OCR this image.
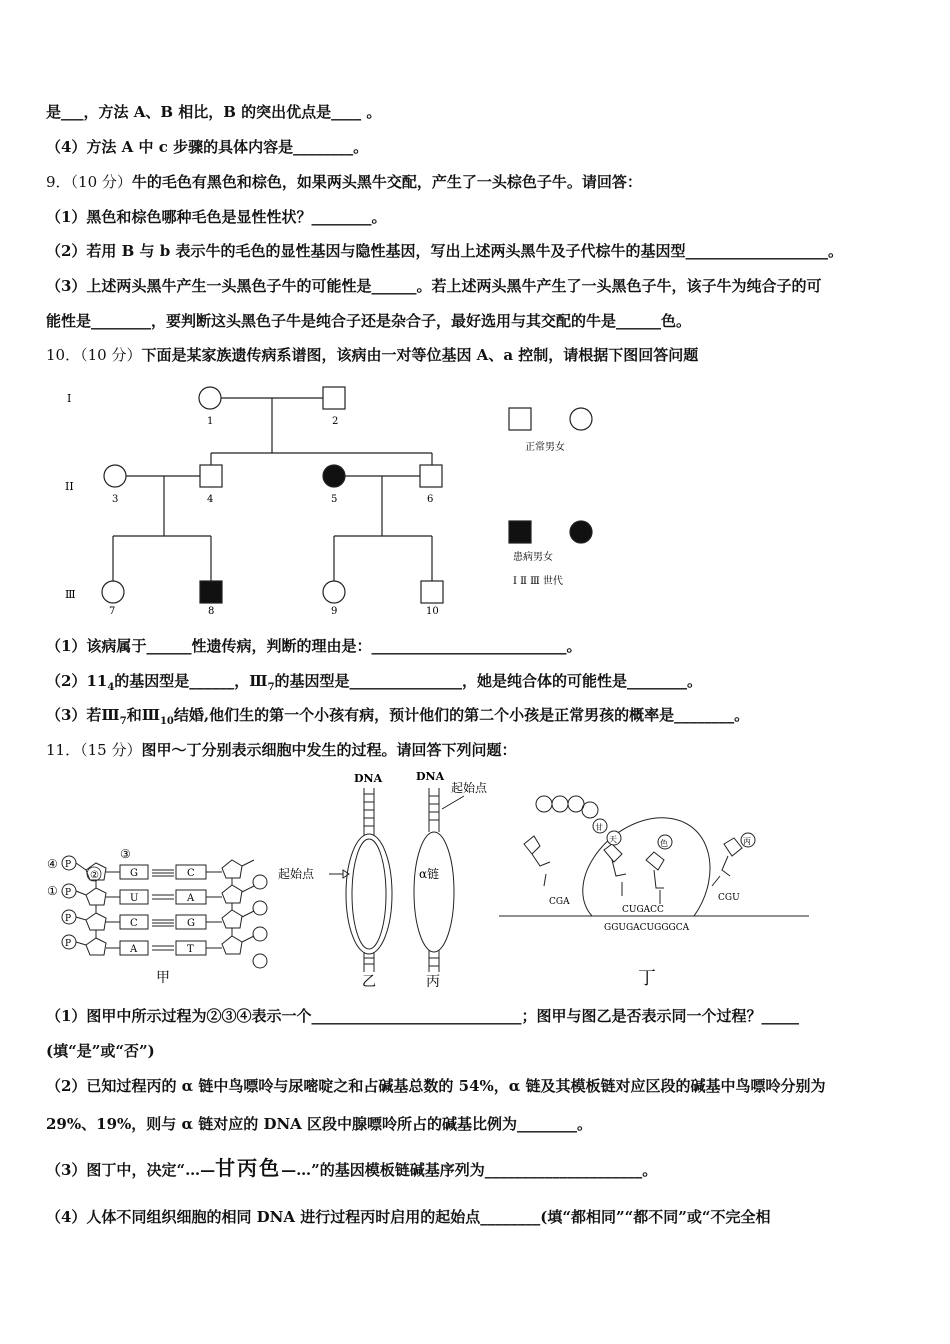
是___，方法 A、B 相比，B 的突出优点是____ 。
（4）方法 A 中 c 步骤的具体内容是________。
9．（10 分）牛的毛色有黑色和棕色，如果两头黑牛交配，产生了一头棕色子牛。请回答：
（1）黑色和棕色哪种毛色是显性性状？________。
（2）若用 B 与 b 表示牛的毛色的显性基因与隐性基因，写出上述两头黑牛及子代棕牛的基因型___________________。
（3）上述两头黑牛产生一头黑色子牛的可能性是______。若上述两头黑牛产生了一头黑色子牛，该子牛为纯合子的可
能性是________，要判断这头黑色子牛是纯合子还是杂合子，最好选用与其交配的牛是______色。
10．（10 分）下面是某家族遗传病系谱图，该病由一对等位基因 A、a 控制，请根据下图回答问题
I
II
Ⅲ
1	2
3	4	5	6
7	8	9	10
正常男女
患病男女
Ⅰ Ⅱ Ⅲ 世代
（1）该病属于______性遗传病，判断的理由是：__________________________。
$(2)11_4$的基因型是______，$Ⅲ_7$的基因型是_______________，她是纯合体的可能性是________。
（3）若$Ⅲ_7$和$Ⅲ_{10}$结婚,他们生的第一个小孩有病，预计他们的第二个小孩是正常男孩的概率是________。
11．（15 分）图甲～丁分别表示细胞中发生的过程。请回答下列问题：
④
①
③
P
P
P
P
②	G
U
C
A
C
A
G
T
甲
DNA
起始点
乙
DNA
起始点
α链
丙
甘
天	色	丙
CGA	CGU
CUGACC
GGUGACUGGGCA
丁
（1）图甲中所示过程为②③④表示一个____________________________；图甲与图乙是否表示同一个过程？_____
(填“是”或“否”)
（2）已知过程丙的 α 链中鸟嘌呤与尿嘧啶之和占碱基总数的 54%，α 链及其模板链对应区段的碱基中鸟嘌呤分别为
29%、19%，则与 α 链对应的 DNA 区段中腺嘌呤所占的碱基比例为________。
（3）图丁中，决定“…—甘丙色—…”的基因模板链碱基序列为_____________________。
（4）人体不同组织细胞的相同 DNA 进行过程丙时启用的起始点________(填“都相同”“都不同”或“不完全相
